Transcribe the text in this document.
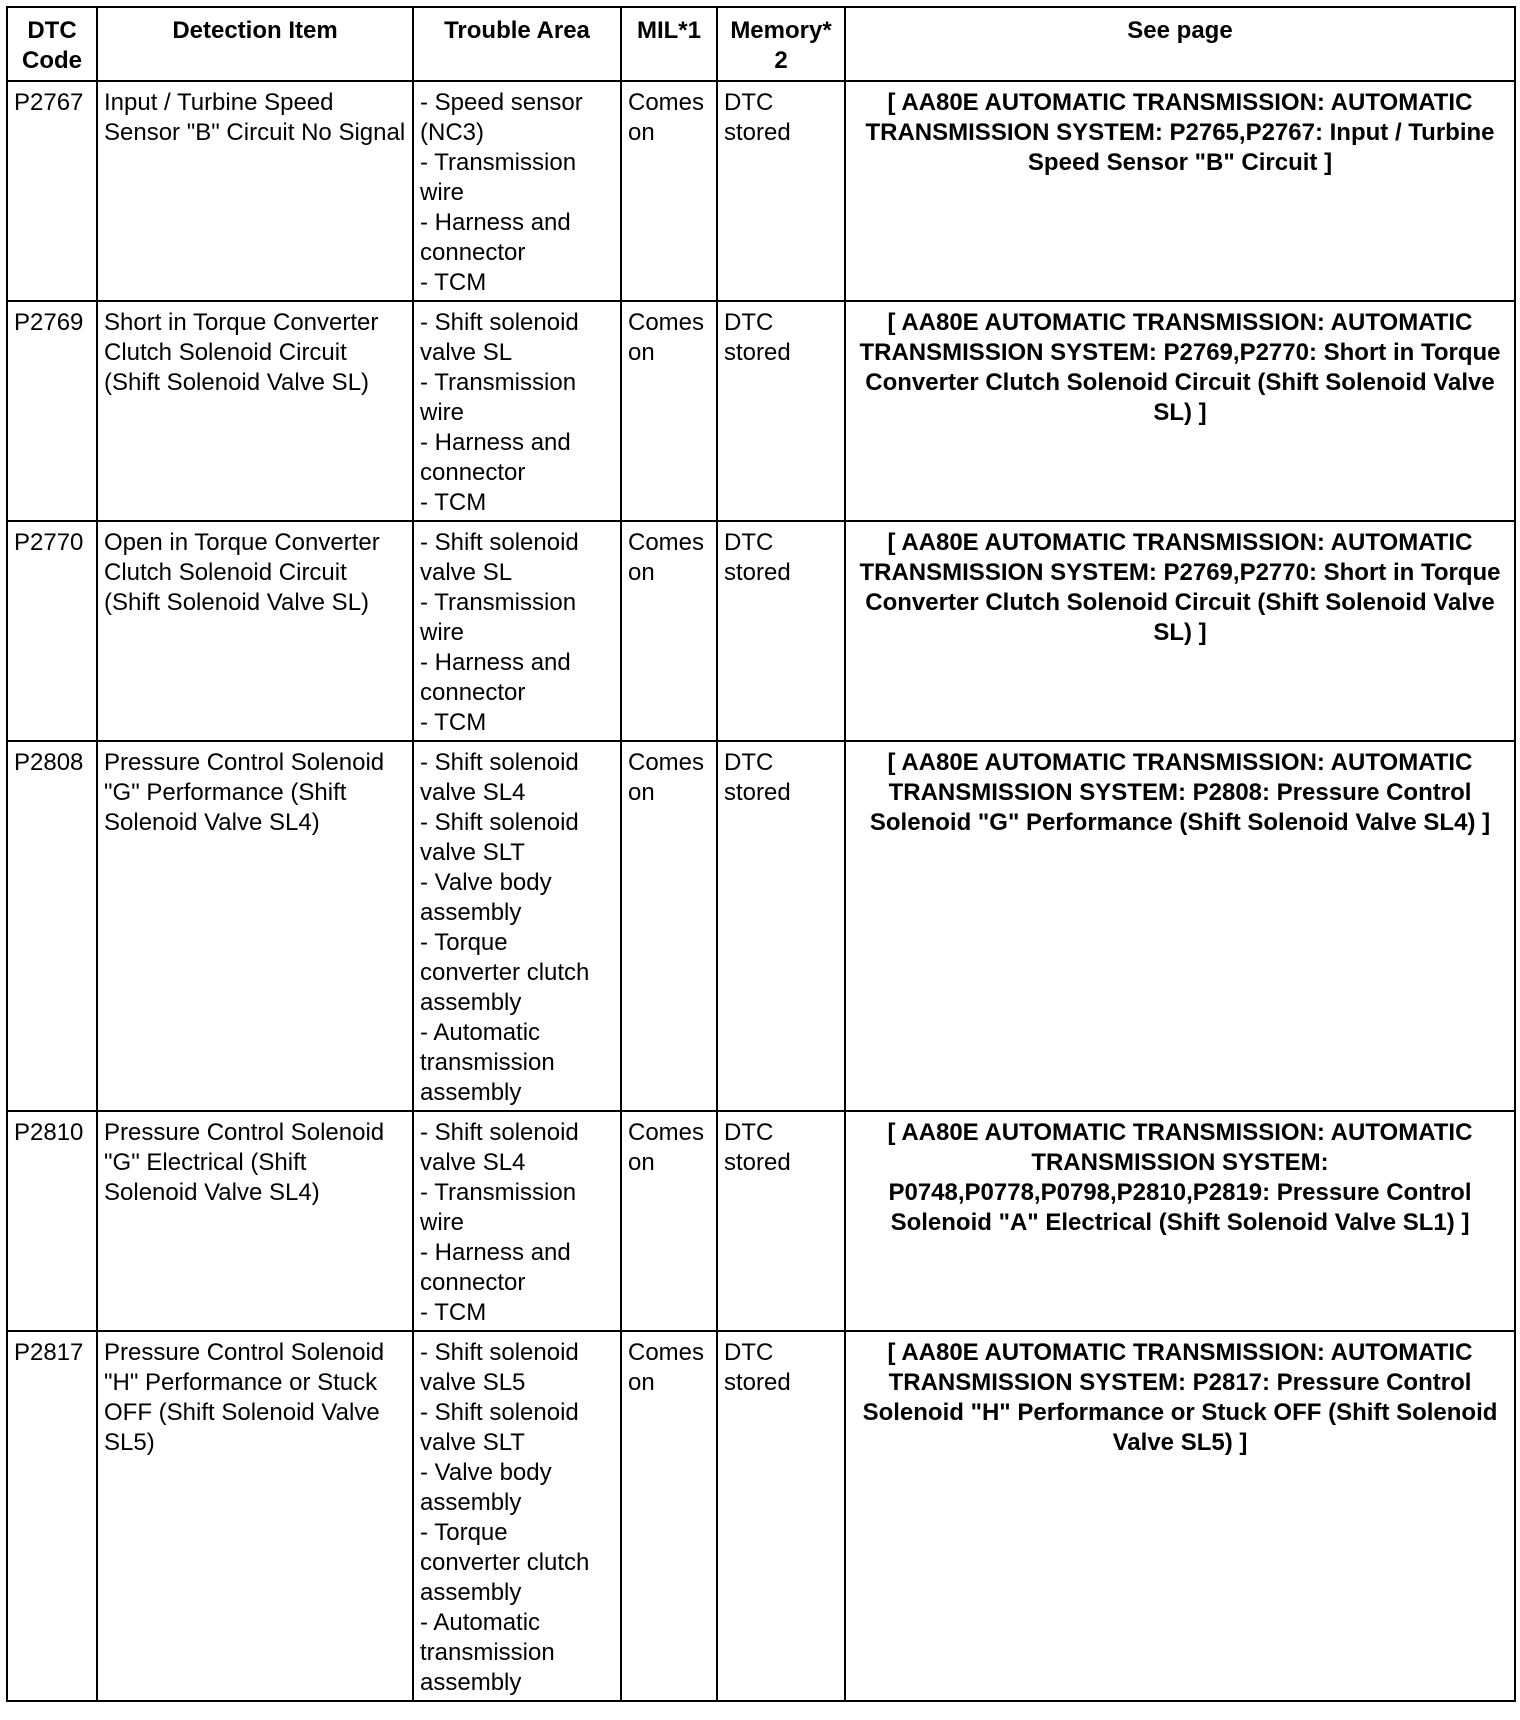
DTC Code	Detection Item	Trouble Area	MIL*1	Memory*2	See page
P2767	Input / Turbine Speed Sensor "B" Circuit No Signal	- Speed sensor (NC3)
- Transmission wire
- Harness and connector
- TCM	Comes on	DTC stored	[ AA80E AUTOMATIC TRANSMISSION: AUTOMATIC TRANSMISSION SYSTEM: P2765,P2767: Input / Turbine Speed Sensor "B" Circuit ]
P2769	Short in Torque Converter Clutch Solenoid Circuit (Shift Solenoid Valve SL)	- Shift solenoid valve SL
- Transmission wire
- Harness and connector
- TCM	Comes on	DTC stored	[ AA80E AUTOMATIC TRANSMISSION: AUTOMATIC TRANSMISSION SYSTEM: P2769,P2770: Short in Torque Converter Clutch Solenoid Circuit (Shift Solenoid Valve SL) ]
P2770	Open in Torque Converter Clutch Solenoid Circuit (Shift Solenoid Valve SL)	- Shift solenoid valve SL
- Transmission wire
- Harness and connector
- TCM	Comes on	DTC stored	[ AA80E AUTOMATIC TRANSMISSION: AUTOMATIC TRANSMISSION SYSTEM: P2769,P2770: Short in Torque Converter Clutch Solenoid Circuit (Shift Solenoid Valve SL) ]
P2808	Pressure Control Solenoid "G" Performance (Shift Solenoid Valve SL4)	- Shift solenoid valve SL4
- Shift solenoid valve SLT
- Valve body assembly
- Torque converter clutch assembly
- Automatic transmission assembly	Comes on	DTC stored	[ AA80E AUTOMATIC TRANSMISSION: AUTOMATIC TRANSMISSION SYSTEM: P2808: Pressure Control Solenoid "G" Performance (Shift Solenoid Valve SL4) ]
P2810	Pressure Control Solenoid "G" Electrical (Shift Solenoid Valve SL4)	- Shift solenoid valve SL4
- Transmission wire
- Harness and connector
- TCM	Comes on	DTC stored	[ AA80E AUTOMATIC TRANSMISSION: AUTOMATIC TRANSMISSION SYSTEM: P0748,P0778,P0798,P2810,P2819: Pressure Control Solenoid "A" Electrical (Shift Solenoid Valve SL1) ]
P2817	Pressure Control Solenoid "H" Performance or Stuck OFF (Shift Solenoid Valve SL5)	- Shift solenoid valve SL5
- Shift solenoid valve SLT
- Valve body assembly
- Torque converter clutch assembly
- Automatic transmission assembly	Comes on	DTC stored	[ AA80E AUTOMATIC TRANSMISSION: AUTOMATIC TRANSMISSION SYSTEM: P2817: Pressure Control Solenoid "H" Performance or Stuck OFF (Shift Solenoid Valve SL5) ]
